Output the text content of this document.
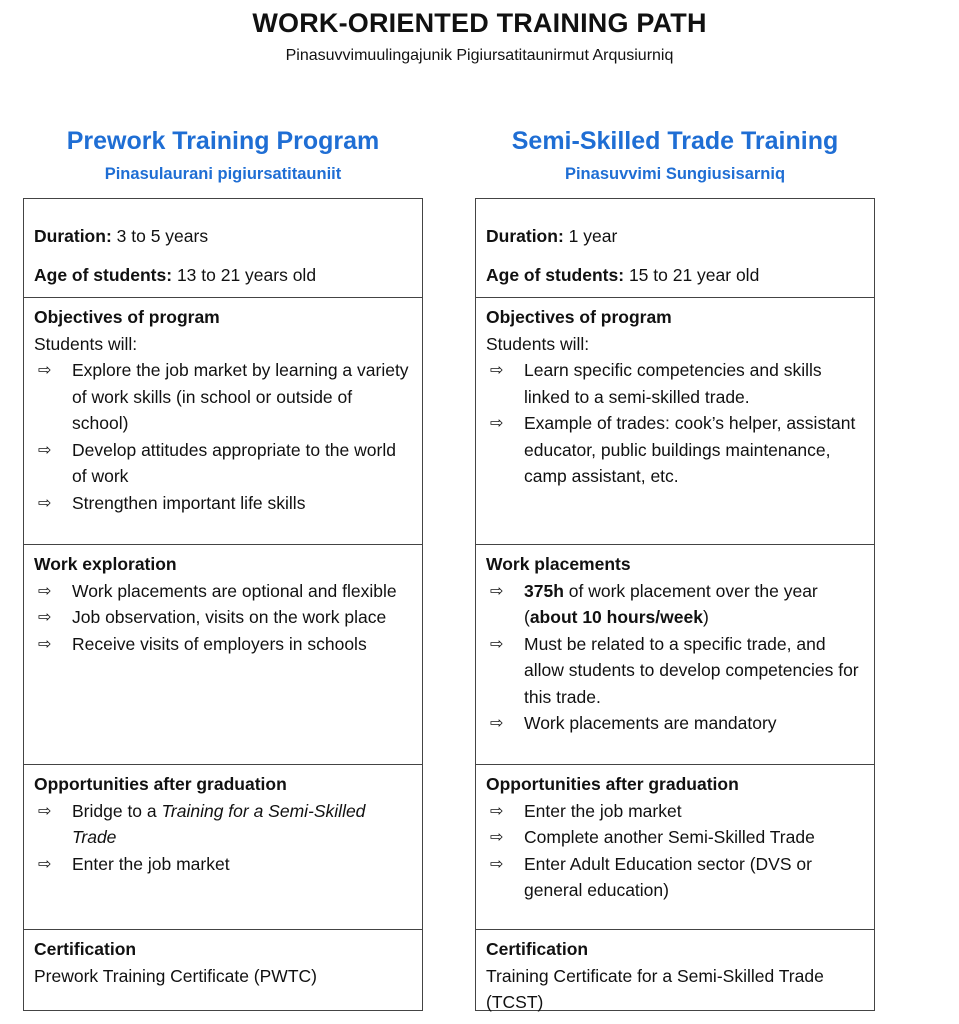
WORK-ORIENTED TRAINING PATH
Pinasuvvimuulingajunik Pigiursatitaunirmut Arqusiurniq
Prework Training Program
Pinasulaurani pigiursatitauniit
Duration: 3 to 5 years
Age of students: 13 to 21 years old
Objectives of program
Students will:
⇨ Explore the job market by learning a variety of work skills (in school or outside of school)
⇨ Develop attitudes appropriate to the world of work
⇨ Strengthen important life skills
Work exploration
⇨ Work placements are optional and flexible
⇨ Job observation, visits on the work place
⇨ Receive visits of employers in schools
Opportunities after graduation
⇨ Bridge to a Training for a Semi-Skilled Trade
⇨ Enter the job market
Certification
Prework Training Certificate (PWTC)
Semi-Skilled Trade Training
Pinasuvvimi Sungiusisarniq
Duration: 1 year
Age of students: 15 to 21 year old
Objectives of program
Students will:
⇨ Learn specific competencies and skills linked to a semi-skilled trade.
⇨ Example of trades: cook’s helper, assistant educator, public buildings maintenance, camp assistant, etc.
Work placements
⇨ 375h of work placement over the year (about 10 hours/week)
⇨ Must be related to a specific trade, and allow students to develop competencies for this trade.
⇨ Work placements are mandatory
Opportunities after graduation
⇨ Enter the job market
⇨ Complete another Semi-Skilled Trade
⇨ Enter Adult Education sector (DVS or general education)
Certification
Training Certificate for a Semi-Skilled Trade (TCST)
